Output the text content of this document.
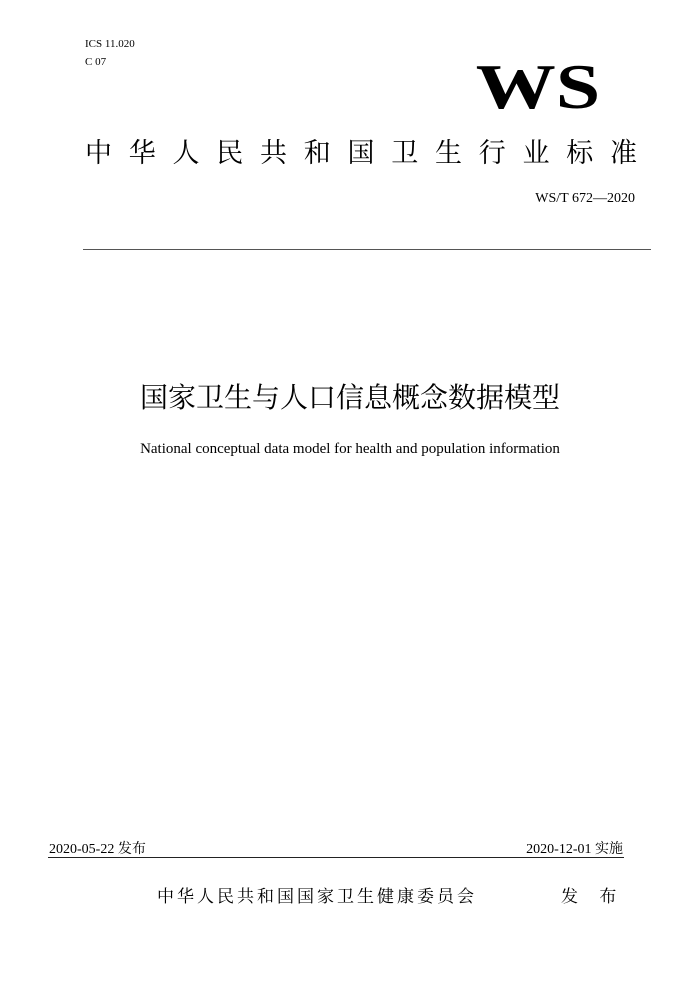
ICS 11.020
C 07	WS
中 华 人 民 共 和 国 卫 生 行 业 标 准
WS/T 672—2020
国家卫生与人口信息概念数据模型
National conceptual data model for health and population information
2020-05-22 发布	2020-12-01 实施
中华人民共和国国家卫生健康委员会	发 布
